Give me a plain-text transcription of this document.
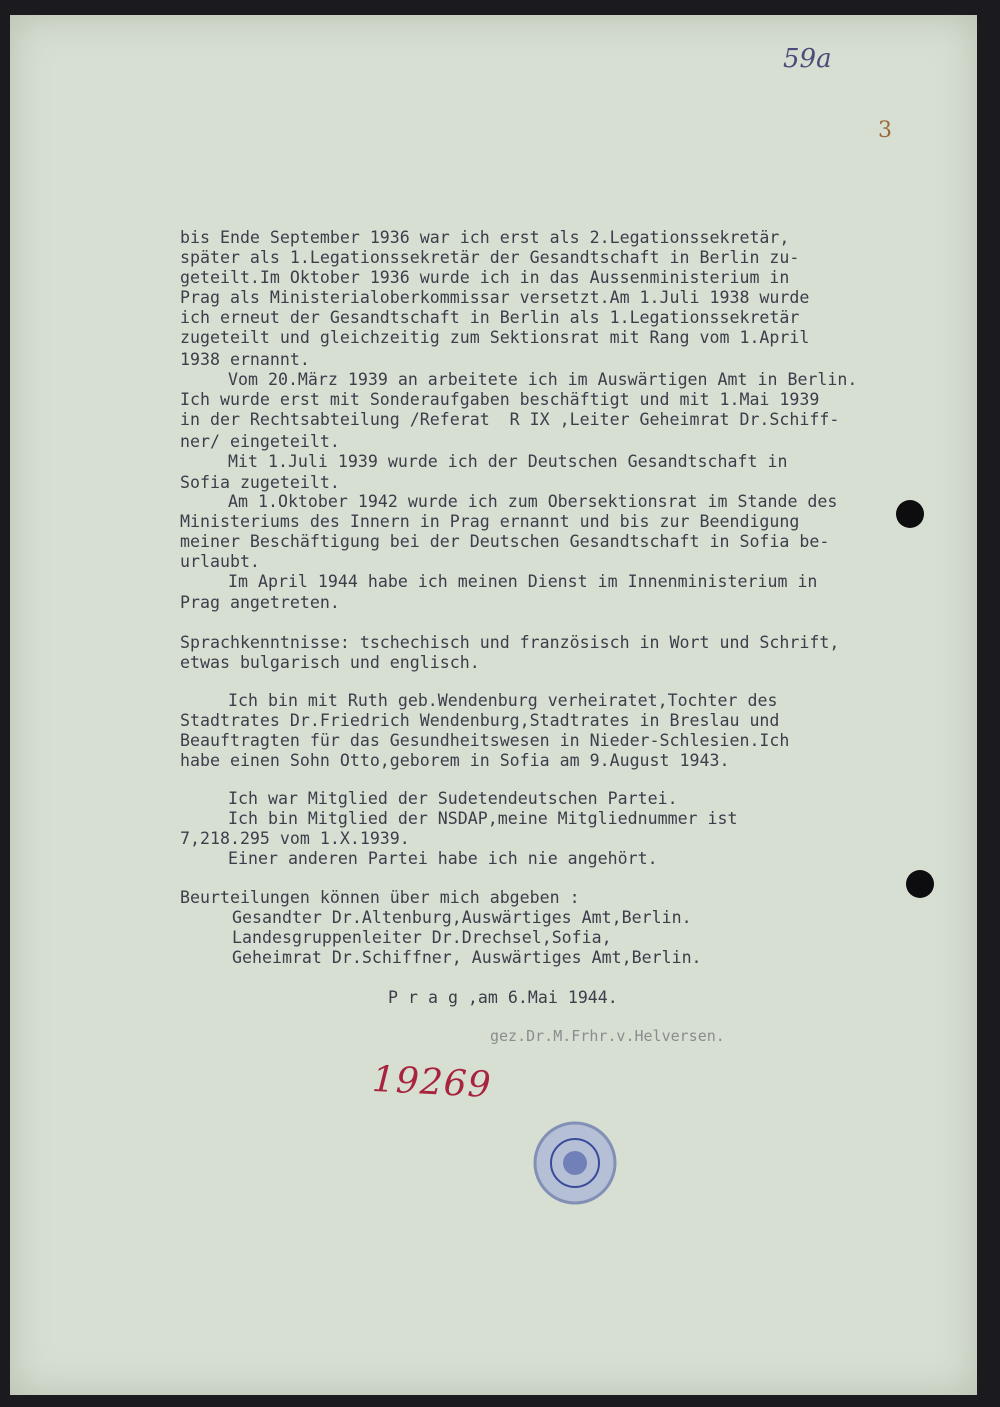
59a
3
bis Ende September 1936 war ich erst als 2.Legationssekretär,
später als 1.Legationssekretär der Gesandtschaft in Berlin zu-
geteilt.Im Oktober 1936 wurde ich in das Aussenministerium in
Prag als Ministerialoberkommissar versetzt.Am 1.Juli 1938 wurde
ich erneut der Gesandtschaft in Berlin als 1.Legationssekretär
zugeteilt und gleichzeitig zum Sektionsrat mit Rang vom 1.April
1938 ernannt.
Vom 20.März 1939 an arbeitete ich im Auswärtigen Amt in Berlin.
Ich wurde erst mit Sonderaufgaben beschäftigt und mit 1.Mai 1939
in der Rechtsabteilung /Referat  R IX ,Leiter Geheimrat Dr.Schiff-
ner/ eingeteilt.
Mit 1.Juli 1939 wurde ich der Deutschen Gesandtschaft in
Sofia zugeteilt.
Am 1.Oktober 1942 wurde ich zum Obersektionsrat im Stande des
Ministeriums des Innern in Prag ernannt und bis zur Beendigung
meiner Beschäftigung bei der Deutschen Gesandtschaft in Sofia be-
urlaubt.
Im April 1944 habe ich meinen Dienst im Innenministerium in
Prag angetreten.
Sprachkenntnisse: tschechisch und französisch in Wort und Schrift,
etwas bulgarisch und englisch.
Ich bin mit Ruth geb.Wendenburg verheiratet,Tochter des
Stadtrates Dr.Friedrich Wendenburg,Stadtrates in Breslau und
Beauftragten für das Gesundheitswesen in Nieder-Schlesien.Ich
habe einen Sohn Otto,geborem in Sofia am 9.August 1943.
Ich war Mitglied der Sudetendeutschen Partei.
Ich bin Mitglied der NSDAP,meine Mitgliednummer ist
7,218.295 vom 1.X.1939.
Einer anderen Partei habe ich nie angehört.
Beurteilungen können über mich abgeben :
Gesandter Dr.Altenburg,Auswärtiges Amt,Berlin.
Landesgruppenleiter Dr.Drechsel,Sofia,
Geheimrat Dr.Schiffner, Auswärtiges Amt,Berlin.
P r a g ,am 6.Mai 1944.
gez.Dr.M.Frhr.v.Helversen.
19269
